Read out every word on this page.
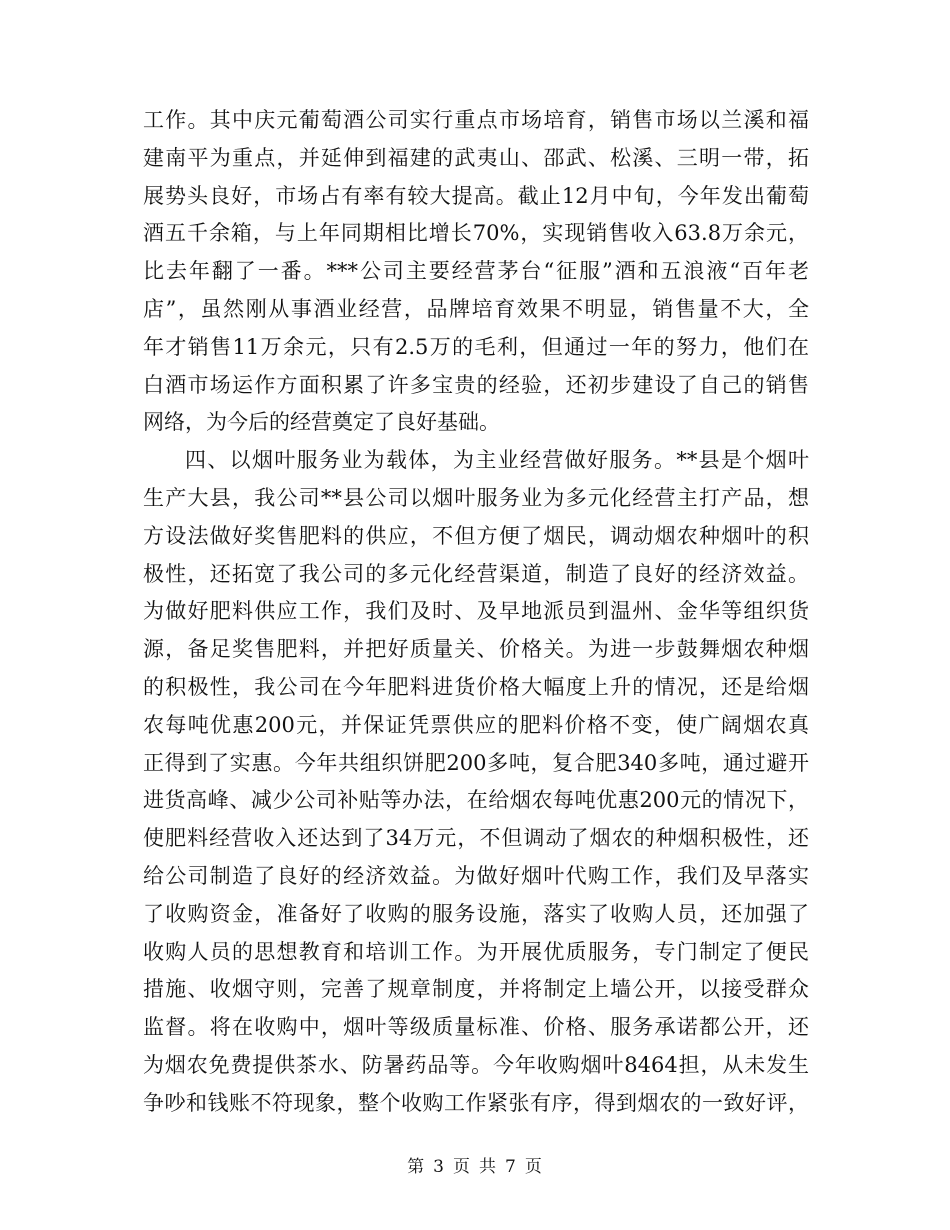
工作。其中庆元葡萄酒公司实行重点市场培育，销售市场以兰溪和福
建南平为重点，并延伸到福建的武夷山、邵武、松溪、三明一带，拓
展势头良好，市场占有率有较大提高。截止12月中旬，今年发出葡萄
酒五千余箱，与上年同期相比增长70%，实现销售收入63.8万余元，
比去年翻了一番。***公司主要经营茅台“征服”酒和五浪液“百年老
店”，虽然刚从事酒业经营，品牌培育效果不明显，销售量不大，全
年才销售11万余元，只有2.5万的毛利，但通过一年的努力，他们在
白酒市场运作方面积累了许多宝贵的经验，还初步建设了自己的销售
网络，为今后的经营奠定了良好基础。
四、以烟叶服务业为载体，为主业经营做好服务。**县是个烟叶
生产大县，我公司**县公司以烟叶服务业为多元化经营主打产品，想
方设法做好奖售肥料的供应，不但方便了烟民，调动烟农种烟叶的积
极性，还拓宽了我公司的多元化经营渠道，制造了良好的经济效益。
为做好肥料供应工作，我们及时、及早地派员到温州、金华等组织货
源，备足奖售肥料，并把好质量关、价格关。为进一步鼓舞烟农种烟
的积极性，我公司在今年肥料进货价格大幅度上升的情况，还是给烟
农每吨优惠200元，并保证凭票供应的肥料价格不变，使广阔烟农真
正得到了实惠。今年共组织饼肥200多吨，复合肥340多吨，通过避开
进货高峰、减少公司补贴等办法，在给烟农每吨优惠200元的情况下，
使肥料经营收入还达到了34万元，不但调动了烟农的种烟积极性，还
给公司制造了良好的经济效益。为做好烟叶代购工作，我们及早落实
了收购资金，准备好了收购的服务设施，落实了收购人员，还加强了
收购人员的思想教育和培训工作。为开展优质服务，专门制定了便民
措施、收烟守则，完善了规章制度，并将制定上墙公开，以接受群众
监督。将在收购中，烟叶等级质量标准、价格、服务承诺都公开，还
为烟农免费提供茶水、防暑药品等。今年收购烟叶8464担，从未发生
争吵和钱账不符现象，整个收购工作紧张有序，得到烟农的一致好评，
第 3 页 共 7 页
